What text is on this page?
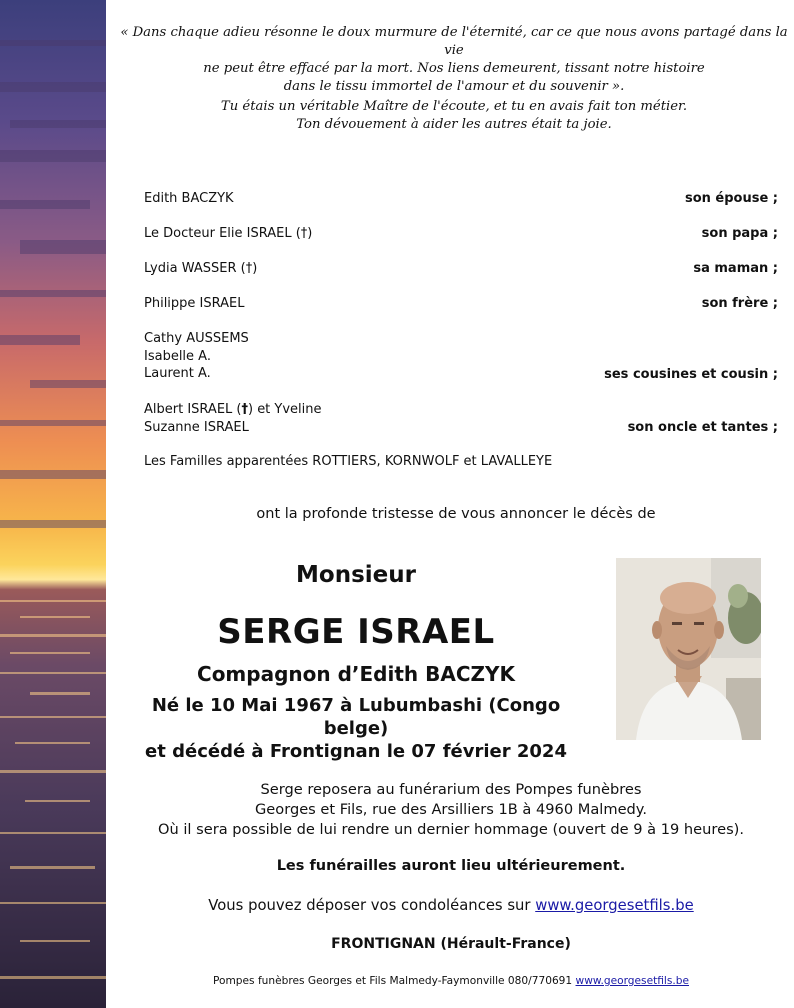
« Dans chaque adieu résonne le doux murmure de l'éternité, car ce que nous avons partagé dans la vie
ne peut être effacé par la mort. Nos liens demeurent, tissant notre histoire
dans le tissu immortel de l'amour et du souvenir ».
Tu étais un véritable Maître de l'écoute, et tu en avais fait ton métier.
Ton dévouement à aider les autres était ta joie.
Edith BACZYK	son épouse ;
Le Docteur Elie ISRAEL (†)	son papa ;
Lydia WASSER (†)	sa maman ;
Philippe ISRAEL	son frère ;
Cathy AUSSEMS
Isabelle A.
Laurent A.	ses cousines et cousin ;
Albert ISRAEL (†) et Yveline
Suzanne ISRAEL	son oncle et tantes ;
Les Familles apparentées ROTTIERS, KORNWOLF et LAVALLEYE
ont la profonde tristesse de vous annoncer le décès de
Monsieur
SERGE ISRAEL
Compagnon d’Edith BACZYK
Né le 10 Mai 1967 à Lubumbashi (Congo belge)
et décédé à Frontignan le 07 février 2024
Serge reposera au funérarium des Pompes funèbres
Georges et Fils, rue des Arsilliers 1B à 4960 Malmedy.
Où il sera possible de lui rendre un dernier hommage (ouvert de 9 à 19 heures).
Les funérailles auront lieu ultérieurement.
Vous pouvez déposer vos condoléances sur www.georgesetfils.be
FRONTIGNAN (Hérault-France)
Pompes funèbres Georges et Fils Malmedy-Faymonville 080/770691 www.georgesetfils.be
